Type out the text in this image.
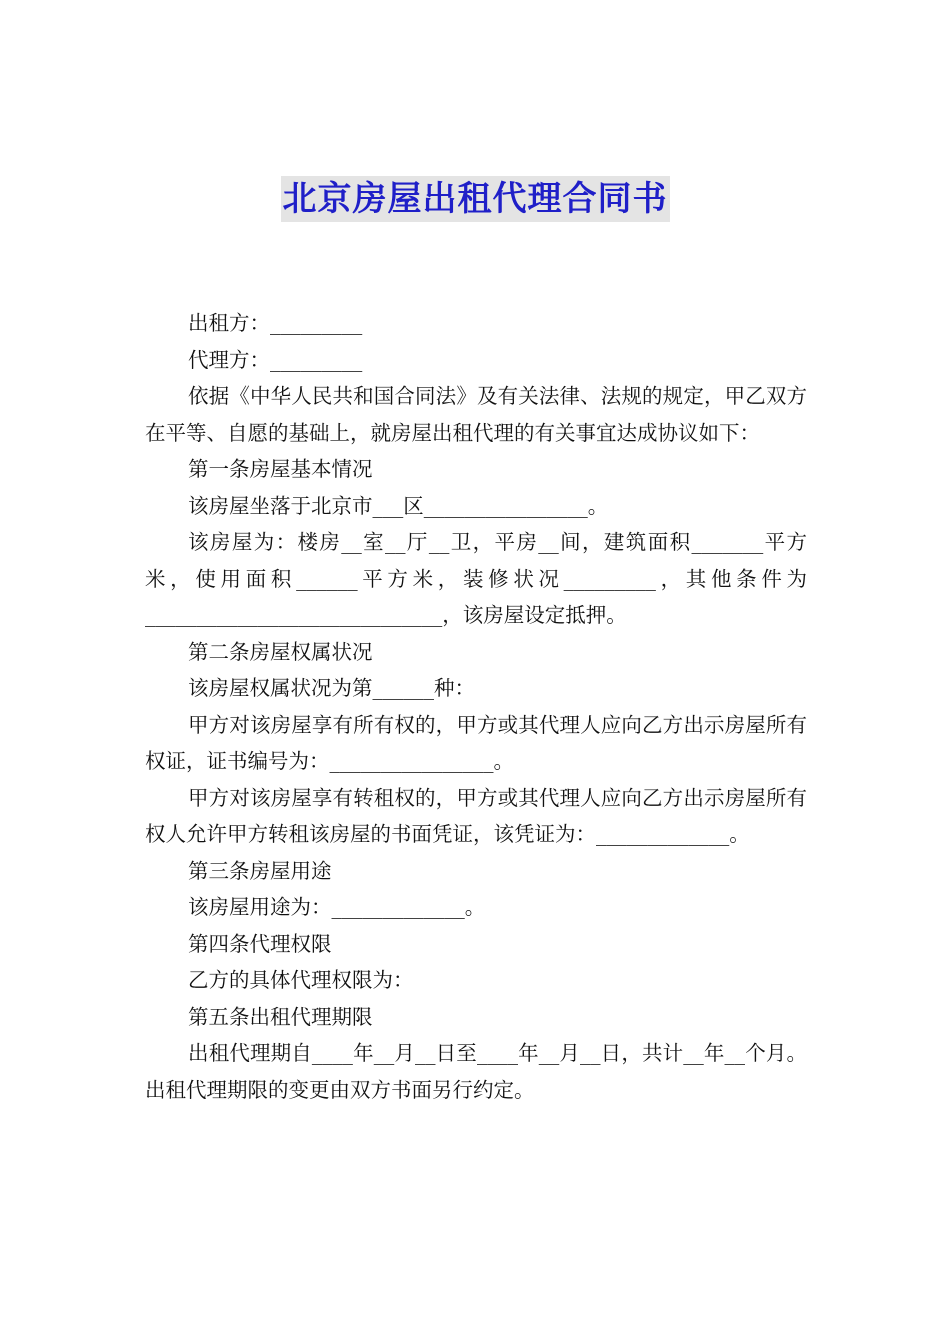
北京房屋出租代理合同书

出租方：_________

代理方：_________

依据《中华人民共和国合同法》及有关法律、法规的规定，甲乙双方在平等、自愿的基础上，就房屋出租代理的有关事宜达成协议如下：

第一条房屋基本情况

该房屋坐落于北京市___区________________。

该房屋为：楼房__室__厅__卫，平房__间，建筑面积_______平方米，使用面积______平方米，装修状况_________，其他条件为_____________________________，该房屋设定抵押。

第二条房屋权属状况

该房屋权属状况为第______种：

甲方对该房屋享有所有权的，甲方或其代理人应向乙方出示房屋所有权证，证书编号为：________________。

甲方对该房屋享有转租权的，甲方或其代理人应向乙方出示房屋所有权人允许甲方转租该房屋的书面凭证，该凭证为：_____________。

第三条房屋用途

该房屋用途为：_____________。

第四条代理权限

乙方的具体代理权限为：

第五条出租代理期限

出租代理期自____年__月__日至____年__月__日，共计__年__个月。出租代理期限的变更由双方书面另行约定。
